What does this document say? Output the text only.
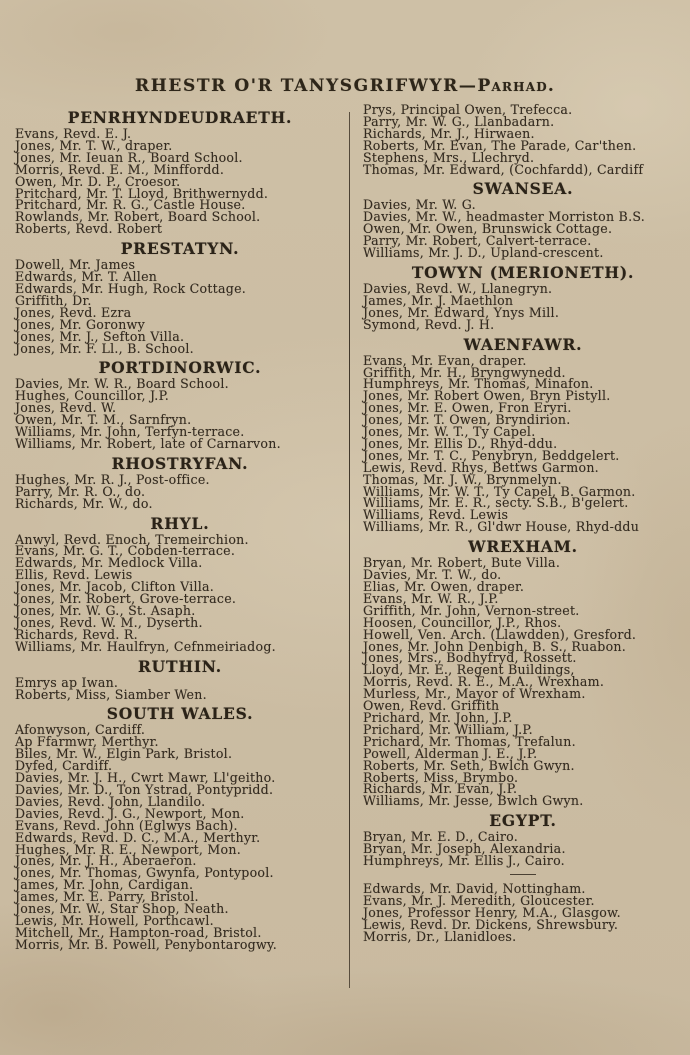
RHESTR O'R TANYSGRIFWYR—Parhad.
PENRHYNDEUDRAETH.
Evans, Revd. E. J.
Jones, Mr. T. W., draper.
Jones, Mr. Ieuan R., Board School.
Morris, Revd. E. M., Minffordd.
Owen, Mr. D. P., Croesor.
Pritchard, Mr. T. Lloyd, Brithwernydd.
Pritchard, Mr. R. G., Castle House.
Rowlands, Mr. Robert, Board School.
Roberts, Revd. Robert
PRESTATYN.
Dowell, Mr. James
Edwards, Mr. T. Allen
Edwards, Mr. Hugh, Rock Cottage.
Griffith, Dr.
Jones, Revd. Ezra
Jones, Mr. Goronwy
Jones, Mr. J., Sefton Villa.
Jones, Mr. F. Ll., B. School.
PORTDINORWIC.
Davies, Mr. W. R., Board School.
Hughes, Councillor, J.P.
Jones, Revd. W.
Owen, Mr. T. M., Sarnfryn.
Williams, Mr. John, Terfyn-terrace.
Williams, Mr. Robert, late of Carnarvon.
RHOSTRYFAN.
Hughes, Mr. R. J., Post-office.
Parry, Mr. R. O., do.
Richards, Mr. W., do.
RHYL.
Anwyl, Revd. Enoch, Tremeirchion.
Evans, Mr. G. T., Cobden-terrace.
Edwards, Mr. Medlock Villa.
Ellis, Revd. Lewis
Jones, Mr. Jacob, Clifton Villa.
Jones, Mr. Robert, Grove-terrace.
Jones, Mr. W. G., St. Asaph.
Jones, Revd. W. M., Dyserth.
Richards, Revd. R.
Williams, Mr. Haulfryn, Cefnmeiriadog.
RUTHIN.
Emrys ap Iwan.
Roberts, Miss, Siamber Wen.
SOUTH WALES.
Afonwyson, Cardiff.
Ap Ffarmwr, Merthyr.
Biles, Mr. W., Elgin Park, Bristol.
Dyfed, Cardiff.
Davies, Mr. J. H., Cwrt Mawr, Ll'geitho.
Davies, Mr. D., Ton Ystrad, Pontypridd.
Davies, Revd. John, Llandilo.
Davies, Revd. J. G., Newport, Mon.
Evans, Revd. John (Eglwys Bach).
Edwards, Revd. D. C., M.A., Merthyr.
Hughes, Mr. R. E., Newport, Mon.
Jones, Mr. J. H., Aberaeron.
Jones, Mr. Thomas, Gwynfa, Pontypool.
James, Mr. John, Cardigan.
James, Mr. E. Parry, Bristol.
Jones, Mr. W., Star Shop, Neath.
Lewis, Mr. Howell, Porthcawl.
Mitchell, Mr., Hampton-road, Bristol.
Morris, Mr. B. Powell, Penybontarogwy.
Prys, Principal Owen, Trefecca.
Parry, Mr. W. G., Llanbadarn.
Richards, Mr. J., Hirwaen.
Roberts, Mr. Evan, The Parade, Car'then.
Stephens, Mrs., Llechryd.
Thomas, Mr. Edward, (Cochfardd), Cardiff
SWANSEA.
Davies, Mr. W. G.
Davies, Mr. W., headmaster Morriston B.S.
Owen, Mr. Owen, Brunswick Cottage.
Parry, Mr. Robert, Calvert-terrace.
Williams, Mr. J. D., Upland-crescent.
TOWYN (MERIONETH).
Davies, Revd. W., Llanegryn.
James, Mr. J. Maethlon
Jones, Mr. Edward, Ynys Mill.
Symond, Revd. J. H.
WAENFAWR.
Evans, Mr. Evan, draper.
Griffith, Mr. H., Bryngwynedd.
Humphreys, Mr. Thomas, Minafon.
Jones, Mr. Robert Owen, Bryn Pistyll.
Jones, Mr. E. Owen, Fron Eryri.
Jones, Mr. T. Owen, Bryndirion.
Jones, Mr. W. T., Ty Capel.
Jones, Mr. Ellis D., Rhyd-ddu.
Jones, Mr. T. C., Penybryn, Beddgelert.
Lewis, Revd. Rhys, Bettws Garmon.
Thomas, Mr. J. W., Brynmelyn.
Williams, Mr. W. T., Ty Capel, B. Garmon.
Williams, Mr. E. R., secty. S.B., B'gelert.
Williams, Revd. Lewis
Williams, Mr. R., Gl'dwr House, Rhyd-ddu
WREXHAM.
Bryan, Mr. Robert, Bute Villa.
Davies, Mr. T. W., do.
Elias, Mr. Owen, draper.
Evans, Mr. W. R., J.P.
Griffith, Mr. John, Vernon-street.
Hoosen, Councillor, J.P., Rhos.
Howell, Ven. Arch. (Llawdden), Gresford.
Jones, Mr. John Denbigh, B. S., Ruabon.
Jones, Mrs., Bodhyfryd, Rossett.
Lloyd, Mr. E., Regent Buildings,
Morris, Revd. R. E., M.A., Wrexham.
Murless, Mr., Mayor of Wrexham.
Owen, Revd. Griffith
Prichard, Mr. John, J.P.
Prichard, Mr. William, J.P.
Prichard, Mr. Thomas, Trefalun.
Powell, Alderman J. E., J.P.
Roberts, Mr. Seth, Bwlch Gwyn.
Roberts, Miss, Brymbo.
Richards, Mr. Evan, J.P.
Williams, Mr. Jesse, Bwlch Gwyn.
EGYPT.
Bryan, Mr. E. D., Cairo.
Bryan, Mr. Joseph, Alexandria.
Humphreys, Mr. Ellis J., Cairo.
Edwards, Mr. David, Nottingham.
Evans, Mr. J. Meredith, Gloucester.
Jones, Professor Henry, M.A., Glasgow.
Lewis, Revd. Dr. Dickens, Shrewsbury.
Morris, Dr., Llanidloes.
